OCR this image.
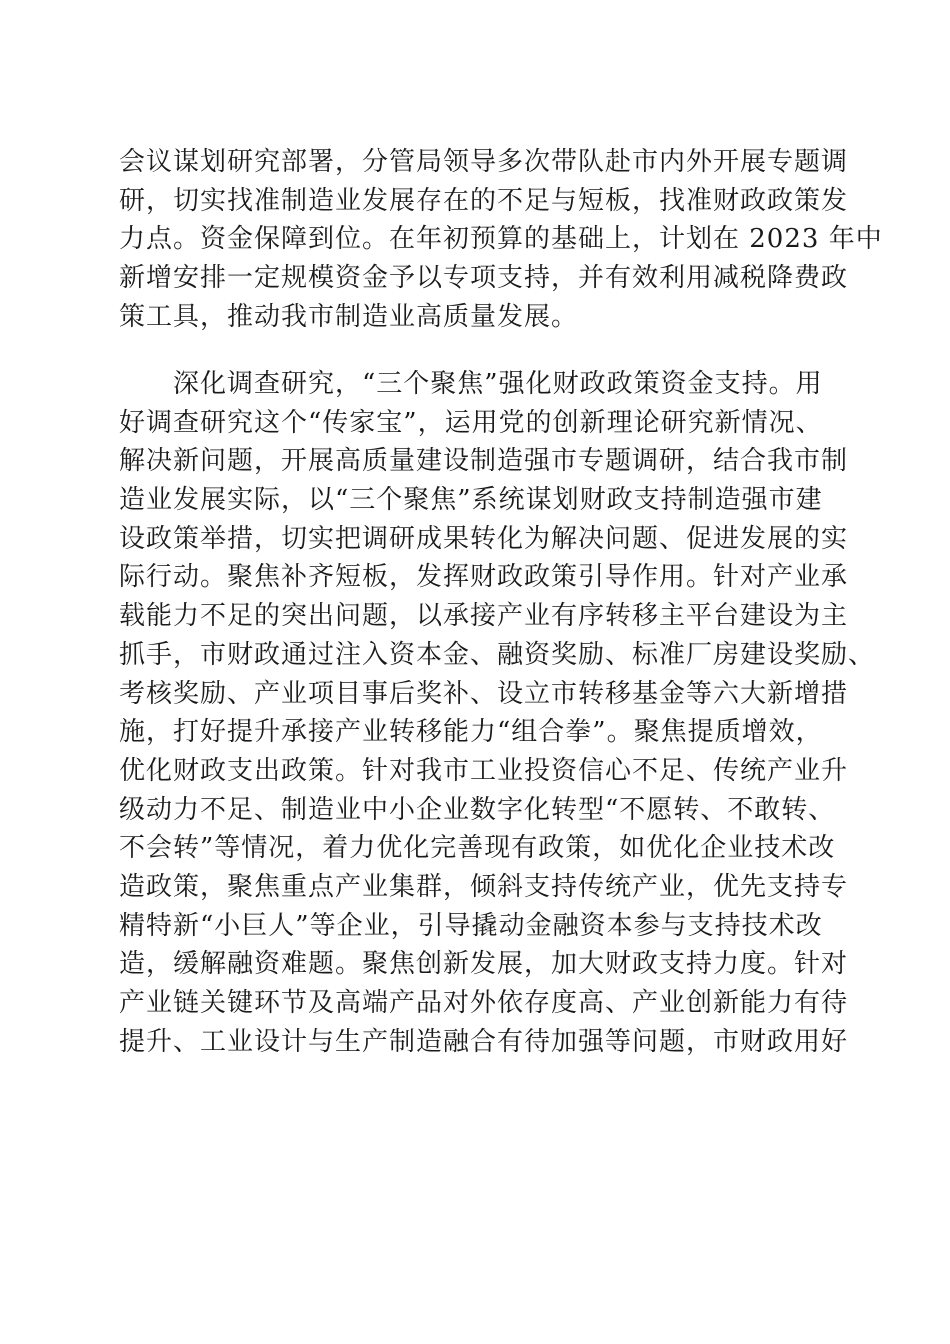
会议谋划研究部署，分管局领导多次带队赴市内外开展专题调
研，切实找准制造业发展存在的不足与短板，找准财政政策发
力点。资金保障到位。在年初预算的基础上，计划在 2023 年中
新增安排一定规模资金予以专项支持，并有效利用减税降费政
策工具，推动我市制造业高质量发展。
　　深化调查研究，“三个聚焦”强化财政政策资金支持。用
好调查研究这个“传家宝”，运用党的创新理论研究新情况、
解决新问题，开展高质量建设制造强市专题调研，结合我市制
造业发展实际，以“三个聚焦”系统谋划财政支持制造强市建
设政策举措，切实把调研成果转化为解决问题、促进发展的实
际行动。聚焦补齐短板，发挥财政政策引导作用。针对产业承
载能力不足的突出问题，以承接产业有序转移主平台建设为主
抓手，市财政通过注入资本金、融资奖励、标准厂房建设奖励、
考核奖励、产业项目事后奖补、设立市转移基金等六大新增措
施，打好提升承接产业转移能力“组合拳”。聚焦提质增效，
优化财政支出政策。针对我市工业投资信心不足、传统产业升
级动力不足、制造业中小企业数字化转型“不愿转、不敢转、
不会转”等情况，着力优化完善现有政策，如优化企业技术改
造政策，聚焦重点产业集群，倾斜支持传统产业，优先支持专
精特新“小巨人”等企业，引导撬动金融资本参与支持技术改
造，缓解融资难题。聚焦创新发展，加大财政支持力度。针对
产业链关键环节及高端产品对外依存度高、产业创新能力有待
提升、工业设计与生产制造融合有待加强等问题，市财政用好
